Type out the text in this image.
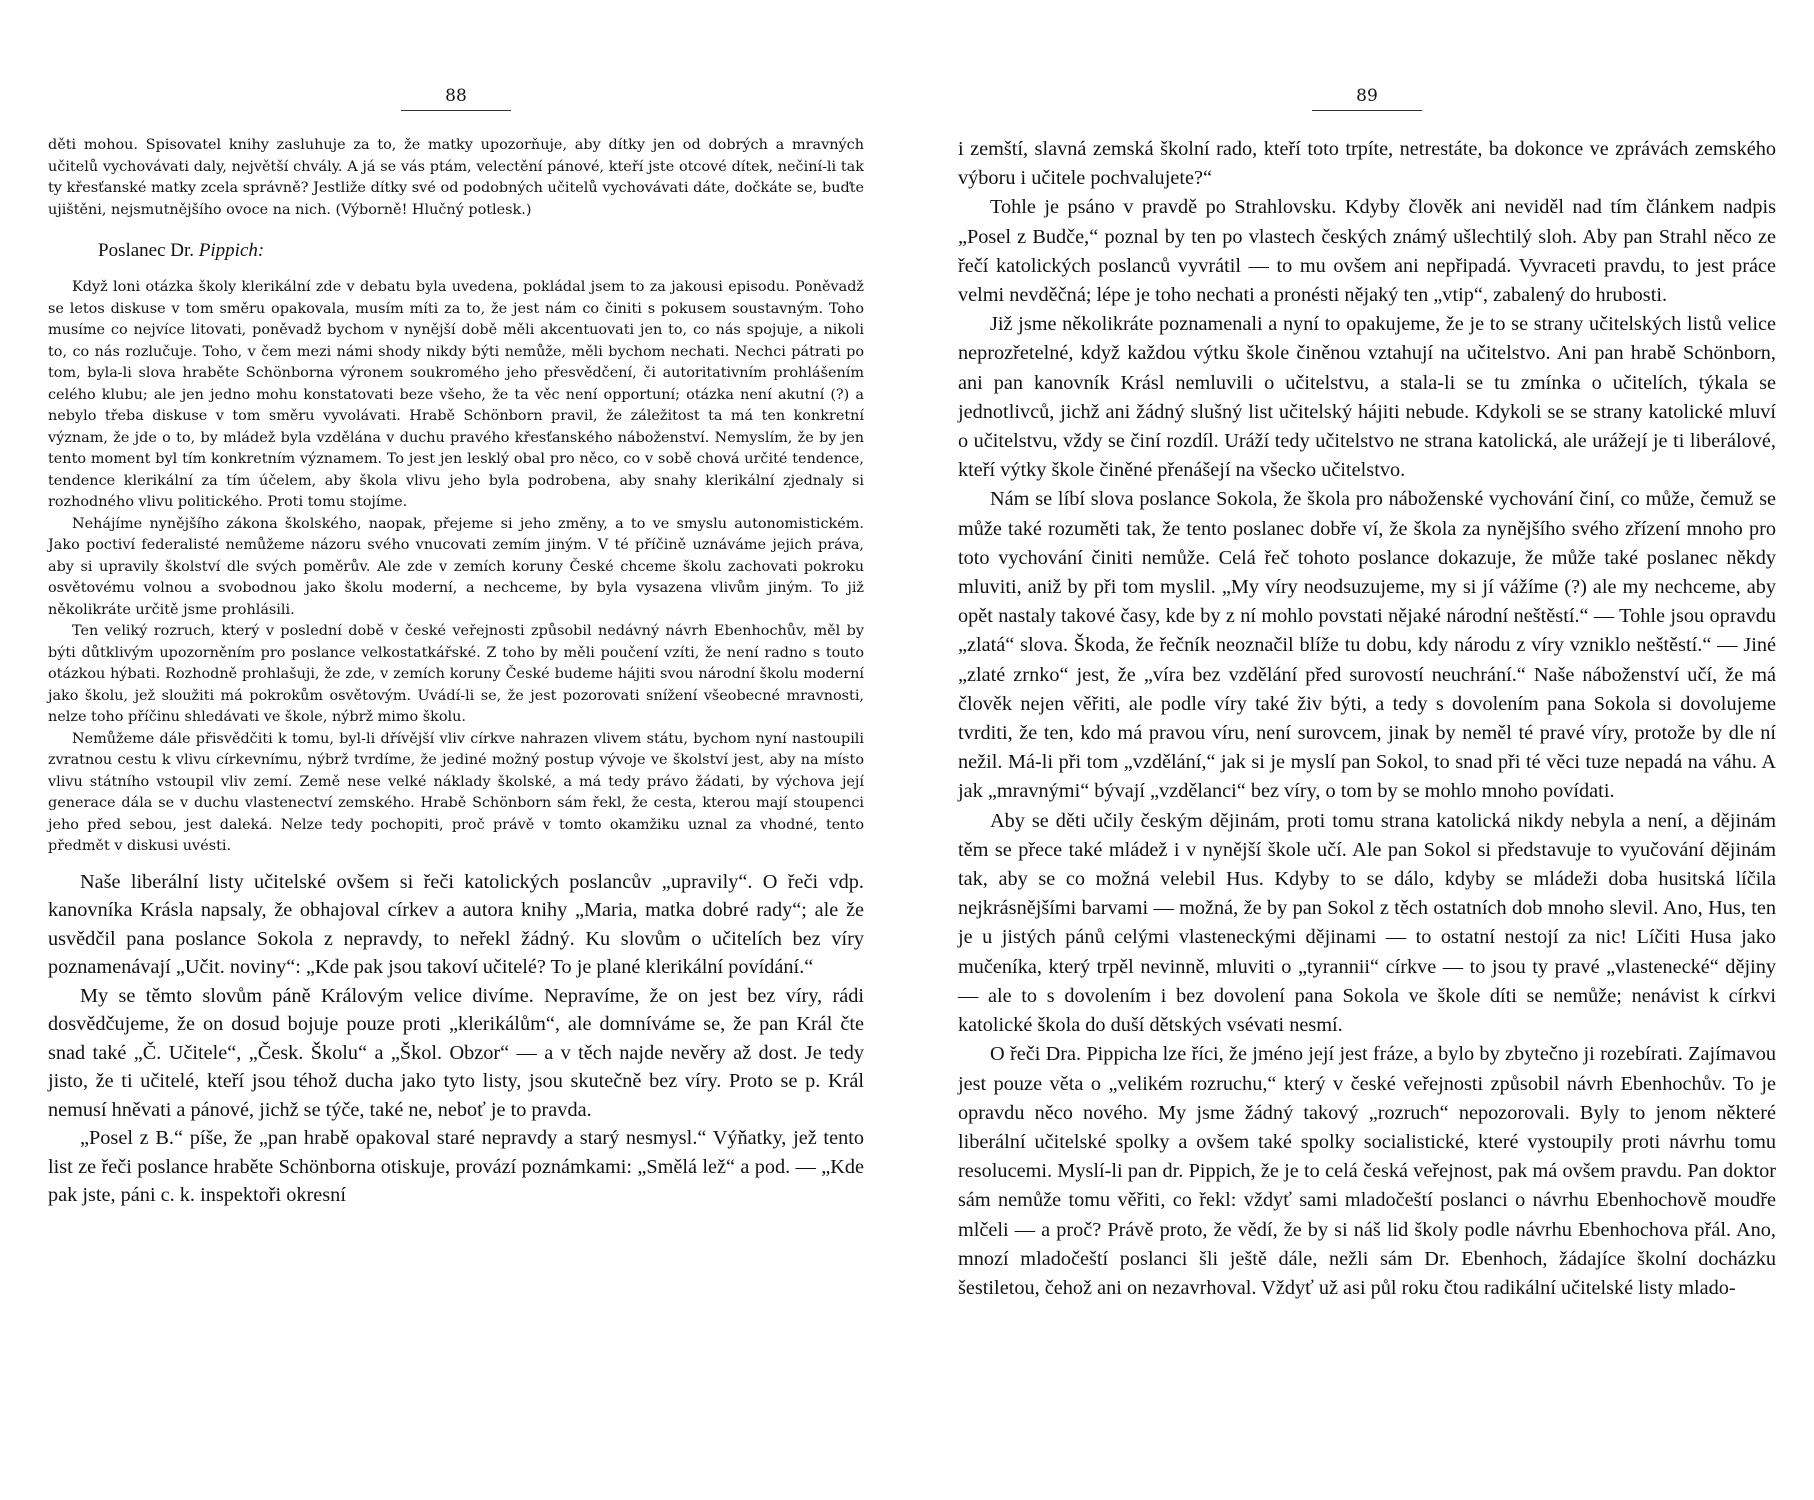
88

děti mohou. Spisovatel knihy zasluhuje za to, že matky upozorňuje, aby dítky jen od dobrých a mravných učitelů vychovávati daly, největší chvály. A já se vás ptám, velectění pánové, kteří jste otcové dítek, nečiní-li tak ty křesťanské matky zcela správně? Jestliže dítky své od podobných učitelů vychovávati dáte, dočkáte se, buďte ujištěni, nejsmutnějšího ovoce na nich. (Výborně! Hlučný potlesk.)

Poslanec Dr. Pippich:

Když loni otázka školy klerikální zde v debatu byla uvedena, pokládal jsem to za jakousi episodu. Poněvadž se letos diskuse v tom směru opakovala, musím míti za to, že jest nám co činiti s pokusem soustavným. Toho musíme co nejvíce litovati, poněvadž bychom v nynější době měli akcentuovati jen to, co nás spojuje, a nikoli to, co nás rozlučuje. Toho, v čem mezi námi shody nikdy býti nemůže, měli bychom nechati. Nechci pátrati po tom, byla-li slova hraběte Schönborna výronem soukromého jeho přesvědčení, či autoritativním prohlášením celého klubu; ale jen jedno mohu konstatovati beze všeho, že ta věc není opportuní; otázka není akutní (?) a nebylo třeba diskuse v tom směru vyvolávati. Hrabě Schönborn pravil, že záležitost ta má ten konkretní význam, že jde o to, by mládež byla vzdělána v duchu pravého křesťanského náboženství. Nemyslím, že by jen tento moment byl tím konkretním významem. To jest jen lesklý obal pro něco, co v sobě chová určité tendence, tendence klerikální za tím účelem, aby škola vlivu jeho byla podrobena, aby snahy klerikální zjednaly si rozhodného vlivu politického. Proti tomu stojíme.

Nehájíme nynějšího zákona školského, naopak, přejeme si jeho změny, a to ve smyslu autonomistickém. Jako poctiví federalisté nemůžeme názoru svého vnucovati zemím jiným. V té příčině uznáváme jejich práva, aby si upravily školství dle svých poměrův. Ale zde v zemích koruny České chceme školu zachovati pokroku osvětovému volnou a svobodnou jako školu moderní, a nechceme, by byla vysazena vlivům jiným. To již několikráte určitě jsme prohlásili.

Ten veliký rozruch, který v poslední době v české veřejnosti způsobil nedávný návrh Ebenhochův, měl by býti důtklivým upozorněním pro poslance velkostatkářské. Z toho by měli poučení vzíti, že není radno s touto otázkou hýbati. Rozhodně prohlašuji, že zde, v zemích koruny České budeme hájiti svou národní školu moderní jako školu, jež sloužiti má pokrokům osvětovým. Uvádí-li se, že jest pozorovati snížení všeobecné mravnosti, nelze toho příčinu shledávati ve škole, nýbrž mimo školu.

Nemůžeme dále přisvědčiti k tomu, byl-li dřívější vliv církve nahrazen vlivem státu, bychom nyní nastoupili zvratnou cestu k vlivu církevnímu, nýbrž tvrdíme, že jediné možný postup vývoje ve školství jest, aby na místo vlivu státního vstoupil vliv zemí. Země nese velké náklady školské, a má tedy právo žádati, by výchova její generace dála se v duchu vlastenectví zemského. Hrabě Schönborn sám řekl, že cesta, kterou mají stoupenci jeho před sebou, jest daleká. Nelze tedy pochopiti, proč právě v tomto okamžiku uznal za vhodné, tento předmět v diskusi uvésti.

Naše liberální listy učitelské ovšem si řeči katolických poslancův „upravily“. O řeči vdp. kanovníka Krásla napsaly, že obhajoval církev a autora knihy „Maria, matka dobré rady“; ale že usvědčil pana poslance Sokola z nepravdy, to neřekl žádný. Ku slovům o učitelích bez víry poznamenávají „Učit. noviny“: „Kde pak jsou takoví učitelé? To je plané klerikální povídání.“

My se těmto slovům páně Královým velice divíme. Nepravíme, že on jest bez víry, rádi dosvědčujeme, že on dosud bojuje pouze proti „klerikálům“, ale domníváme se, že pan Král čte snad také „Č. Učitele“, „Česk. Školu“ a „Škol. Obzor“ — a v těch najde nevěry až dost. Je tedy jisto, že ti učitelé, kteří jsou téhož ducha jako tyto listy, jsou skutečně bez víry. Proto se p. Král nemusí hněvati a pánové, jichž se týče, také ne, neboť je to pravda.

„Posel z B.“ píše, že „pan hrabě opakoval staré nepravdy a starý nesmysl.“ Výňatky, jež tento list ze řeči poslance hraběte Schönborna otiskuje, provází poznámkami: „Smělá lež“ a pod. — „Kde pak jste, páni c. k. inspektoři okresní

89

i zemští, slavná zemská školní rado, kteří toto trpíte, netrestáte, ba dokonce ve zprávách zemského výboru i učitele pochvalujete?“

Tohle je psáno v pravdě po Strahlovsku. Kdyby člověk ani neviděl nad tím článkem nadpis „Posel z Budče,“ poznal by ten po vlastech českých známý ušlechtilý sloh. Aby pan Strahl něco ze řečí katolických poslanců vyvrátil — to mu ovšem ani nepřipadá. Vyvraceti pravdu, to jest práce velmi nevděčná; lépe je toho nechati a pronésti nějaký ten „vtip“, zabalený do hrubosti.

Již jsme několikráte poznamenali a nyní to opakujeme, že je to se strany učitelských listů velice neprozřetelné, když každou výtku škole činěnou vztahují na učitelstvo. Ani pan hrabě Schönborn, ani pan kanovník Krásl nemluvili o učitelstvu, a stala-li se tu zmínka o učitelích, týkala se jednotlivců, jichž ani žádný slušný list učitelský hájiti nebude. Kdykoli se se strany katolické mluví o učitelstvu, vždy se činí rozdíl. Uráží tedy učitelstvo ne strana katolická, ale urážejí je ti liberálové, kteří výtky škole činěné přenášejí na všecko učitelstvo.

Nám se líbí slova poslance Sokola, že škola pro náboženské vychování činí, co může, čemuž se může také rozuměti tak, že tento poslanec dobře ví, že škola za nynějšího svého zřízení mnoho pro toto vychování činiti nemůže. Celá řeč tohoto poslance dokazuje, že může také poslanec někdy mluviti, aniž by při tom myslil. „My víry neodsuzujeme, my si jí vážíme (?) ale my nechceme, aby opět nastaly takové časy, kde by z ní mohlo povstati nějaké národní neštěstí.“ — Tohle jsou opravdu „zlatá“ slova. Škoda, že řečník neoznačil blíže tu dobu, kdy národu z víry vzniklo neštěstí.“ — Jiné „zlaté zrnko“ jest, že „víra bez vzdělání před surovostí neuchrání.“ Naše náboženství učí, že má člověk nejen věřiti, ale podle víry také živ býti, a tedy s dovolením pana Sokola si dovolujeme tvrditi, že ten, kdo má pravou víru, není surovcem, jinak by neměl té pravé víry, protože by dle ní nežil. Má-li při tom „vzdělání,“ jak si je myslí pan Sokol, to snad při té věci tuze nepadá na váhu. A jak „mravnými“ bývají „vzdělanci“ bez víry, o tom by se mohlo mnoho povídati.

Aby se děti učily českým dějinám, proti tomu strana katolická nikdy nebyla a není, a dějinám těm se přece také mládež i v nynější škole učí. Ale pan Sokol si představuje to vyučování dějinám tak, aby se co možná velebil Hus. Kdyby to se dálo, kdyby se mládeži doba husitská líčila nejkrásnějšími barvami — možná, že by pan Sokol z těch ostatních dob mnoho slevil. Ano, Hus, ten je u jistých pánů celými vlasteneckými dějinami — to ostatní nestojí za nic! Líčiti Husa jako mučeníka, který trpěl nevinně, mluviti o „tyrannii“ církve — to jsou ty pravé „vlastenecké“ dějiny — ale to s dovolením i bez dovolení pana Sokola ve škole díti se nemůže; nenávist k církvi katolické škola do duší dětských vsévati nesmí.

O řeči Dra. Pippicha lze říci, že jméno její jest fráze, a bylo by zbytečno ji rozebírati. Zajímavou jest pouze věta o „velikém rozruchu,“ který v české veřejnosti způsobil návrh Ebenhochův. To je opravdu něco nového. My jsme žádný takový „rozruch“ nepozorovali. Byly to jenom některé liberální učitelské spolky a ovšem také spolky socialistické, které vystoupily proti návrhu tomu resolucemi. Myslí-li pan dr. Pippich, že je to celá česká veřejnost, pak má ovšem pravdu. Pan doktor sám nemůže tomu věřiti, co řekl: vždyť sami mladočeští poslanci o návrhu Ebenhochově moudře mlčeli — a proč? Právě proto, že vědí, že by si náš lid školy podle návrhu Ebenhochova přál. Ano, mnozí mladočeští poslanci šli ještě dále, nežli sám Dr. Ebenhoch, žádajíce školní docházku šestiletou, čehož ani on nezavrhoval. Vždyť už asi půl roku čtou radikální učitelské listy mlado-
